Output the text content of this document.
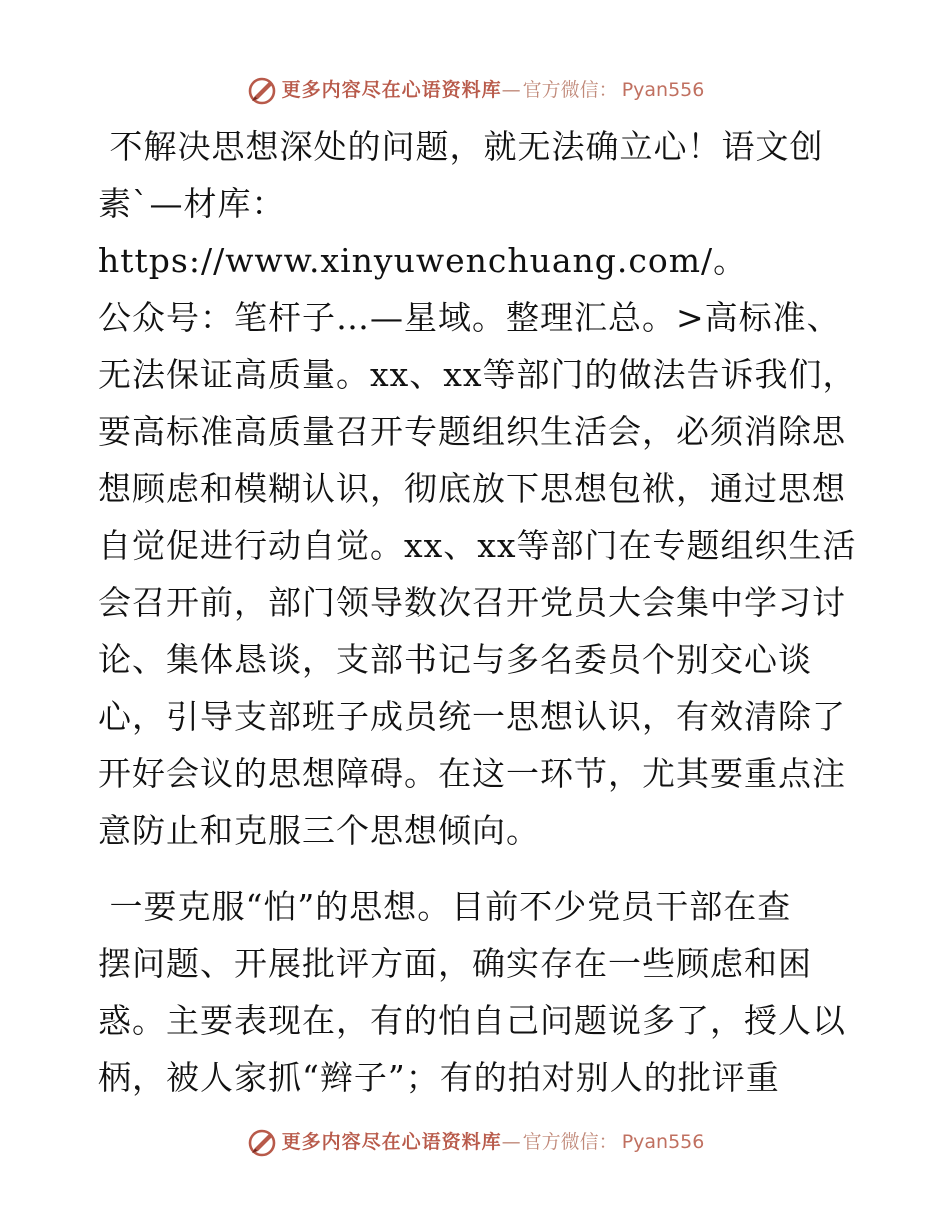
更多内容尽在心语资料库 — 官方微信： Pyan556

不解决思想深处的问题，就无法确立心！语文创
素`—材库：https://www.xinyuwenchuang.com/。
公众号：笔杆子…—星域。整理汇总。>高标准、
无法保证高质量。xx、xx等部门的做法告诉我们，
要高标准高质量召开专题组织生活会，必须消除思
想顾虑和模糊认识，彻底放下思想包袱，通过思想
自觉促进行动自觉。xx、xx等部门在专题组织生活
会召开前，部门领导数次召开党员大会集中学习讨
论、集体恳谈，支部书记与多名委员个别交心谈
心，引导支部班子成员统一思想认识，有效清除了
开好会议的思想障碍。在这一环节，尤其要重点注
意防止和克服三个思想倾向。

一要克服“怕”的思想。目前不少党员干部在查
摆问题、开展批评方面，确实存在一些顾虑和困
惑。主要表现在，有的怕自己问题说多了，授人以
柄，被人家抓“辫子”；有的拍对别人的批评重

更多内容尽在心语资料库 — 官方微信： Pyan556
